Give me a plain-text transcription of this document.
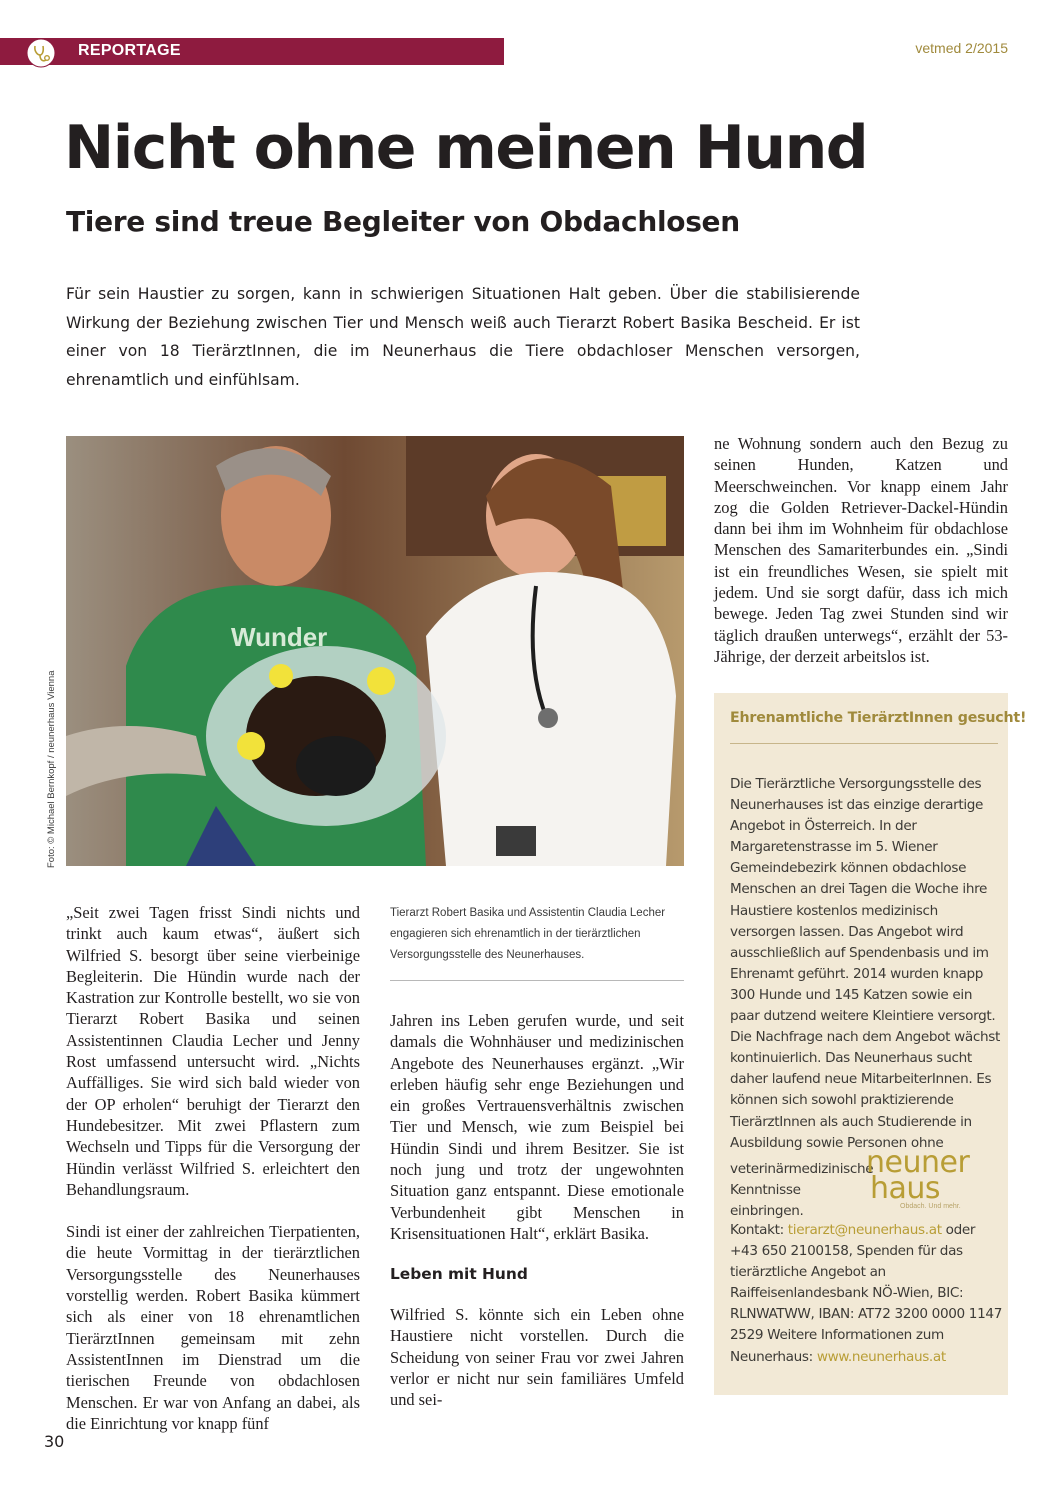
REPORTAGE	vetmed 2/2015
Nicht ohne meinen Hund
Tiere sind treue Begleiter von Obdachlosen

Für sein Haustier zu sorgen, kann in schwierigen Situationen Halt geben. Über die stabilisierende Wirkung der Beziehung zwischen Tier und Mensch weiß auch Tierarzt Robert Basika Bescheid. Er ist einer von 18 TierärztInnen, die im Neunerhaus die Tiere obdachloser Menschen versorgen, ehrenamtlich und einfühlsam.

Wunder
Foto: © Michael Bernkopf / neunerhaus Vienna

„Seit zwei Tagen frisst Sindi nichts und trinkt auch kaum etwas“, äußert sich Wilfried S. besorgt über seine vierbeinige Begleiterin. Die Hündin wurde nach der Kastration zur Kontrolle bestellt, wo sie von Tierarzt Robert Basika und seinen Assistentinnen Claudia Lecher und Jenny Rost umfassend untersucht wird. „Nichts Auffälliges. Sie wird sich bald wieder von der OP erholen“ beruhigt der Tierarzt den Hundebesitzer. Mit zwei Pflastern zum Wechseln und Tipps für die Versorgung der Hündin verlässt Wilfried S. erleichtert den Behandlungsraum.

Sindi ist einer der zahlreichen Tierpatienten, die heute Vormittag in der tierärztlichen Versorgungsstelle des Neunerhauses vorstellig werden. Robert Basika kümmert sich als einer von 18 ehrenamtlichen TierärztInnen gemeinsam mit zehn AssistentInnen im Dienstrad um die tierischen Freunde von obdachlosen Menschen. Er war von Anfang an dabei, als die Einrichtung vor knapp fünf

Tierarzt Robert Basika und Assistentin Claudia Lecher engagieren sich ehrenamtlich in der tierärztlichen Versorgungsstelle des Neunerhauses.

Jahren ins Leben gerufen wurde, und seit damals die Wohnhäuser und medizinischen Angebote des Neunerhauses ergänzt. „Wir erleben häufig sehr enge Beziehungen und ein großes Vertrauensverhältnis zwischen Tier und Mensch, wie zum Beispiel bei Hündin Sindi und ihrem Besitzer. Sie ist noch jung und trotz der ungewohnten Situation ganz entspannt. Diese emotionale Verbundenheit gibt Menschen in Krisensituationen Halt“, erklärt Basika.

Leben mit Hund

Wilfried S. könnte sich ein Leben ohne Haustiere nicht vorstellen. Durch die Scheidung von seiner Frau vor zwei Jahren verlor er nicht nur sein familiäres Umfeld und sei-

ne Wohnung sondern auch den Bezug zu seinen Hunden, Katzen und Meerschweinchen. Vor knapp einem Jahr zog die Golden Retriever-Dackel-Hündin dann bei ihm im Wohnheim für obdachlose Menschen des Samariterbundes ein. „Sindi ist ein freundliches Wesen, sie spielt mit jedem. Und sie sorgt dafür, dass ich mich bewege. Jeden Tag zwei Stunden sind wir täglich draußen unterwegs“, erzählt der 53-Jährige, der derzeit arbeitslos ist.

Ehrenamtliche TierärztInnen gesucht!

Die Tierärztliche Versorgungsstelle des Neunerhauses ist das einzige derartige Angebot in Österreich. In der Margaretenstrasse im 5. Wiener Gemeindebezirk können obdachlose Menschen an drei Tagen die Woche ihre Haustiere kostenlos medizinisch versorgen lassen. Das Angebot wird ausschließlich auf Spendenbasis und im Ehrenamt geführt. 2014 wurden knapp 300 Hunde und 145 Katzen sowie ein paar dutzend weitere Kleintiere versorgt. Die Nachfrage nach dem Angebot wächst kontinuierlich. Das Neunerhaus sucht daher laufend neue MitarbeiterInnen. Es können sich sowohl praktizierende TierärztInnen als auch Studierende in Ausbildung sowie Personen ohne

veterinärmedizinische Kenntnisse einbringen.

neuner
haus
Obdach. Und mehr.

Kontakt: tierarzt@neunerhaus.at oder +43 650 2100158, Spenden für das tierärztliche Angebot an Raiffeisenlandesbank NÖ-Wien, BIC: RLNWATWW, IBAN: AT72 3200 0000 1147 2529 Weitere Informationen zum Neunerhaus: www.neunerhaus.at

30
